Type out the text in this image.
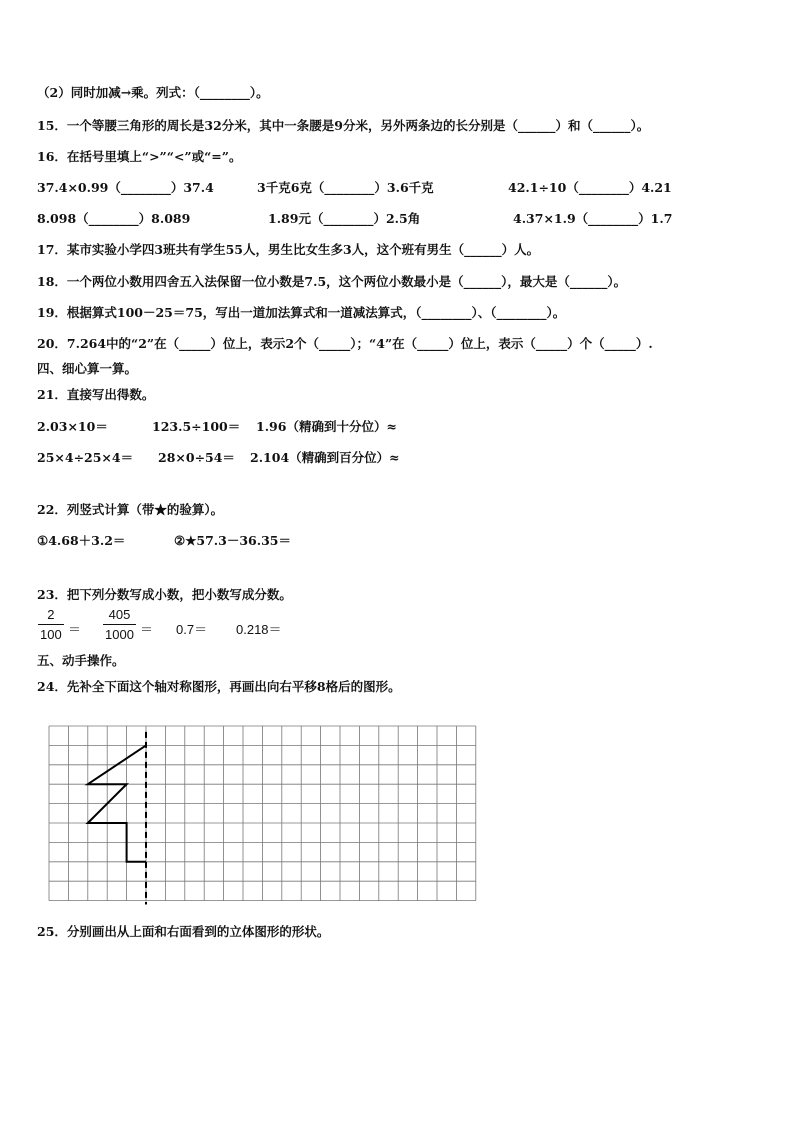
（2）同时加减→乘。列式：（________）。
15．一个等腰三角形的周长是32分米，其中一条腰是9分米，另外两条边的长分别是（______）和（______）。
16．在括号里填上“>”“<”或“=”。
37.4×0.99（________）37.4	3千克6克（________）3.6千克	42.1÷10（________）4.21
8.098（________）8.089	1.89元（________）2.5角	4.37×1.9（________）1.7
17．某市实验小学四3班共有学生55人，男生比女生多3人，这个班有男生（______）人。
18．一个两位小数用四舍五入法保留一位小数是7.5，这个两位小数最小是（______），最大是（______）。
19．根据算式100－25＝75，写出一道加法算式和一道减法算式，（________）、（________）。
20．7.264中的“2”在（_____）位上，表示2个（_____）；“4”在（_____）位上，表示（_____）个（_____）.
四、细心算一算。
21．直接写出得数。
2.03×10＝	123.5÷100＝ 1.96（精确到十分位）≈
25×4÷25×4＝ 28×0÷54＝ 2.104（精确到百分位）≈
22．列竖式计算（带★的验算）。
①4.68＋3.2＝	②★57.3－36.35＝
23．把下列分数写成小数，把小数写成分数。
2
100 ＝
405
1000 ＝ 0.7＝ 0.218＝
五、动手操作。
24．先补全下面这个轴对称图形，再画出向右平移8格后的图形。
25．分别画出从上面和右面看到的立体图形的形状。
